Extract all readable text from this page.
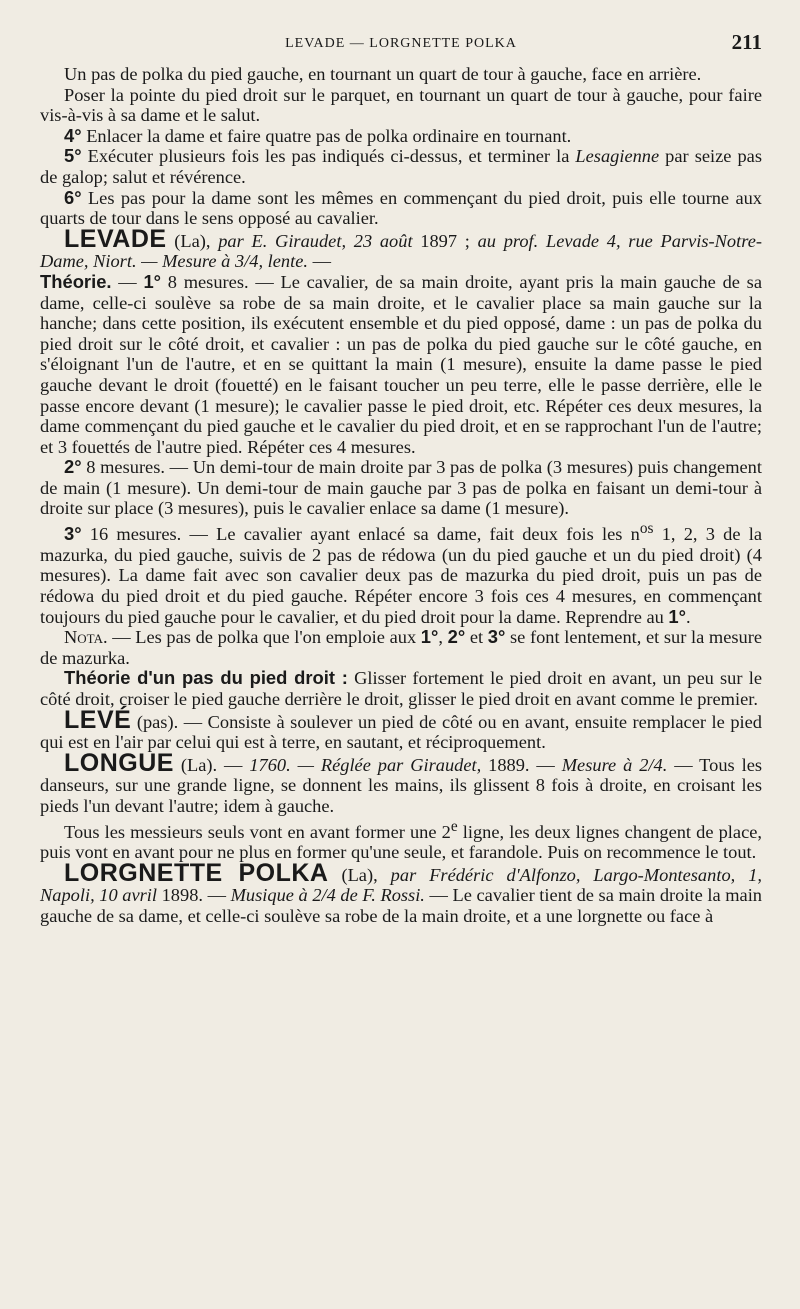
LEVADE — LORGNETTE POLKA	211

Un pas de polka du pied gauche, en tournant un quart de tour à gauche, face en arrière.

Poser la pointe du pied droit sur le parquet, en tournant un quart de tour à gauche, pour faire vis-à-vis à sa dame et le salut.

4° Enlacer la dame et faire quatre pas de polka ordinaire en tournant.

5° Exécuter plusieurs fois les pas indiqués ci-dessus, et terminer la Lesagienne par seize pas de galop; salut et révérence.

6° Les pas pour la dame sont les mêmes en commençant du pied droit, puis elle tourne aux quarts de tour dans le sens opposé au cavalier.

LEVADE (La), par E. Giraudet, 23 août 1897 ; au prof. Levade 4, rue Parvis-Notre-Dame, Niort. — Mesure à 3/4, lente. —

Théorie. — 1° 8 mesures. — Le cavalier, de sa main droite, ayant pris la main gauche de sa dame, celle-ci soulève sa robe de sa main droite, et le cavalier place sa main gauche sur la hanche; dans cette position, ils exécutent ensemble et du pied opposé, dame : un pas de polka du pied droit sur le côté droit, et cavalier : un pas de polka du pied gauche sur le côté gauche, en s'éloignant l'un de l'autre, et en se quittant la main (1 mesure), ensuite la dame passe le pied gauche devant le droit (fouetté) en le faisant toucher un peu terre, elle le passe derrière, elle le passe encore devant (1 mesure); le cavalier passe le pied droit, etc. Répéter ces deux mesures, la dame commençant du pied gauche et le cavalier du pied droit, et en se rapprochant l'un de l'autre; et 3 fouettés de l'autre pied. Répéter ces 4 mesures.

2° 8 mesures. — Un demi-tour de main droite par 3 pas de polka (3 mesures) puis changement de main (1 mesure). Un demi-tour de main gauche par 3 pas de polka en faisant un demi-tour à droite sur place (3 mesures), puis le cavalier enlace sa dame (1 mesure).

3° 16 mesures. — Le cavalier ayant enlacé sa dame, fait deux fois les $n^{os}$ 1, 2, 3 de la mazurka, du pied gauche, suivis de 2 pas de rédowa (un du pied gauche et un du pied droit) (4 mesures). La dame fait avec son cavalier deux pas de mazurka du pied droit, puis un pas de rédowa du pied droit et du pied gauche. Répéter encore 3 fois ces 4 mesures, en commençant toujours du pied gauche pour le cavalier, et du pied droit pour la dame. Reprendre au 1°.

Nota. — Les pas de polka que l'on emploie aux 1°, 2° et 3° se font lentement, et sur la mesure de mazurka.

Théorie d'un pas du pied droit : Glisser fortement le pied droit en avant, un peu sur le côté droit, croiser le pied gauche derrière le droit, glisser le pied droit en avant comme le premier.

LEVÉ (pas). — Consiste à soulever un pied de côté ou en avant, ensuite remplacer le pied qui est en l'air par celui qui est à terre, en sautant, et réciproquement.

LONGUE (La). — 1760. — Réglée par Giraudet, 1889. — Mesure à 2/4. — Tous les danseurs, sur une grande ligne, se donnent les mains, ils glissent 8 fois à droite, en croisant les pieds l'un devant l'autre; idem à gauche.

Tous les messieurs seuls vont en avant former une 2e ligne, les deux lignes changent de place, puis vont en avant pour ne plus en former qu'une seule, et farandole. Puis on recommence le tout.

LORGNETTE POLKA (La), par Frédéric d'Alfonzo, Largo-Montesanto, 1, Napoli, 10 avril 1898. — Musique à 2/4 de F. Rossi. — Le cavalier tient de sa main droite la main gauche de sa dame, et celle-ci soulève sa robe de la main droite, et a une lorgnette ou face à
